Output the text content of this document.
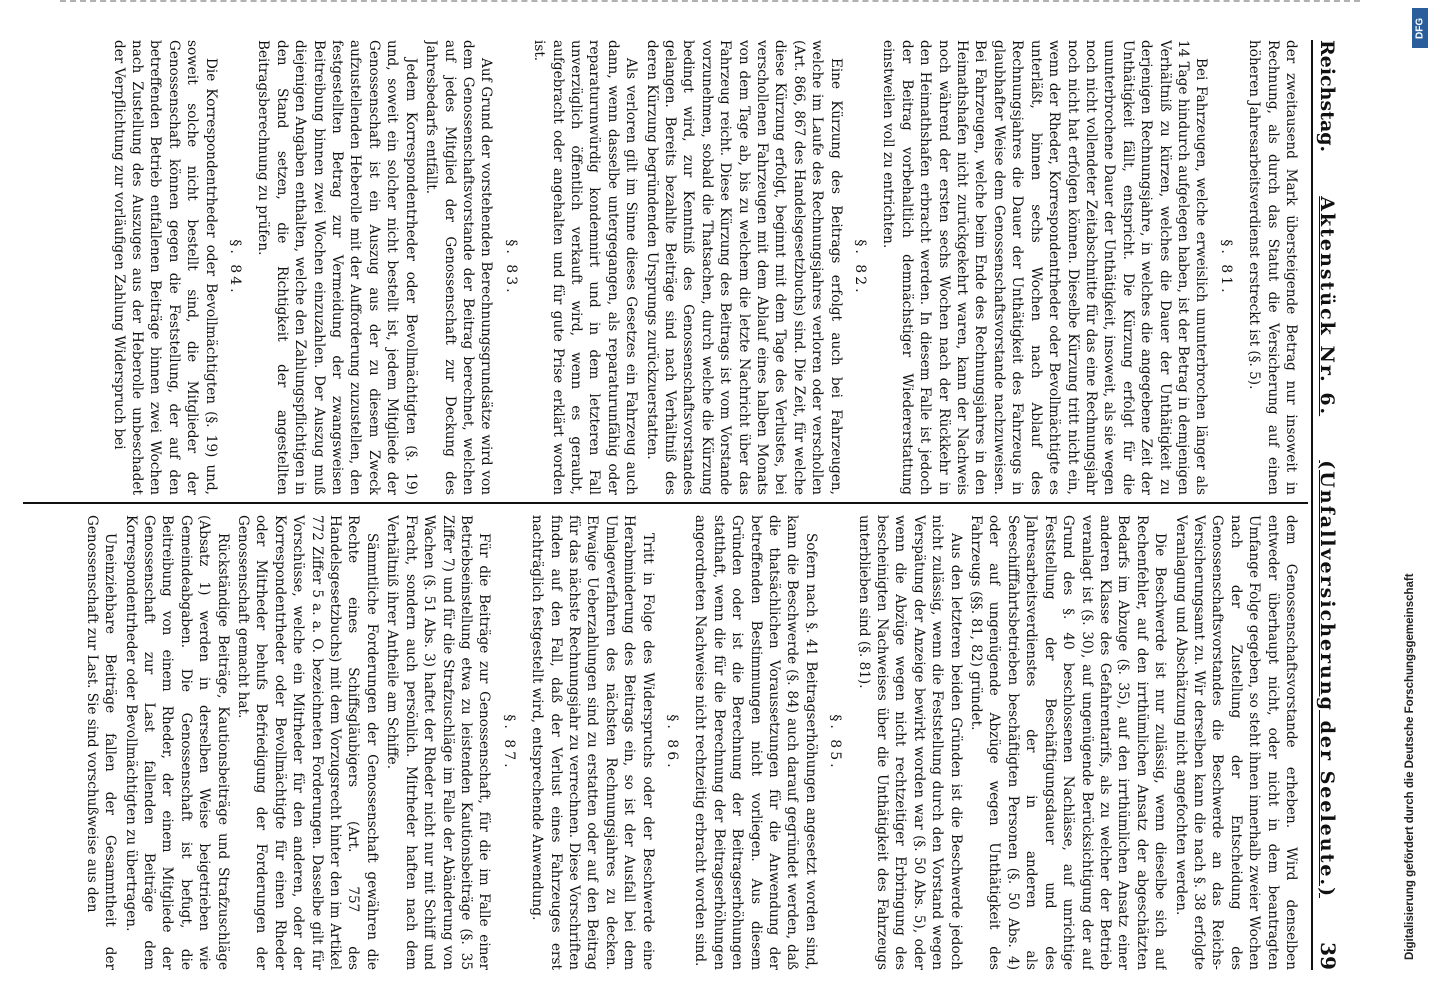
Reichstag.
Aktenstück Nr. 6.
(Unfallversicherung der Seeleute.)
39

der zweitausend Mark übersteigende Betrag nur insoweit in Rechnung, als durch das Statut die Versicherung auf einen höheren Jahresarbeitsverdienst erstreckt ist (§. 5).

§. 81.

Bei Fahrzeugen, welche erweislich ununterbrochen länger als 14 Tage hindurch aufgelegen haben, ist der Betrag in demjenigen Verhältniß zu kürzen, welches die Dauer der Unthätigkeit zu derjenigen Rechnungsjahre, in welches die angegebene Zeit der Unthätigkeit fällt, entspricht. Die Kürzung erfolgt für die ununterbrochene Dauer der Unthätigkeit, insoweit, als sie wegen noch nicht vollendeter Zeitabschnitte für das eine Rechnungsjahr noch nicht hat erfolgen können. Dieselbe Kürzung tritt nicht ein, wenn der Rheder, Korrespondentrheder oder Bevollmächtigte es unterläßt, binnen sechs Wochen nach Ablauf des Rechnungsjahres die Dauer der Unthätigkeit des Fahrzeugs in glaubhafter Weise dem Genossenschaftsvorstande nachzuweisen. Bei Fahrzeugen, welche beim Ende des Rechnungsjahres in den Heimathshafen nicht zurückgekehrt waren, kann der Nachweis noch während der ersten sechs Wochen nach der Rückkehr in den Heimathshafen erbracht werden. In diesem Falle ist jedoch der Beitrag vorbehaltlich demnächstiger Wiedererstattung einstweilen voll zu entrichten.

§. 82.

Eine Kürzung des Beitrags erfolgt auch bei Fahrzeugen, welche im Laufe des Rechnungsjahres verloren oder verschollen (Art. 866, 867 des Handelsgesetzbuchs) sind. Die Zeit, für welche diese Kürzung erfolgt, beginnt mit dem Tage des Verlustes, bei verschollenen Fahrzeugen mit dem Ablauf eines halben Monats von dem Tage ab, bis zu welchem die letzte Nachricht über das Fahrzeug reicht. Diese Kürzung des Beitrags ist vom Vorstande vorzunehmen, sobald die Thatsachen, durch welche die Kürzung bedingt wird, zur Kenntniß des Genossenschaftsvorstandes gelangen. Bereits bezahlte Beiträge sind nach Verhältniß des deren Kürzung begründenden Ursprungs zurückzuerstatten.

Als verloren gilt im Sinne dieses Gesetzes ein Fahrzeug auch dann, wenn dasselbe untergegangen, als reparaturunfähig oder reparaturunwürdig kondemnirt und in dem letzteren Fall unverzüglich öffentlich verkauft wird, wenn es geraubt, aufgebracht oder angehalten und für gute Prise erklärt worden ist.

§. 83.

Auf Grund der vorstehenden Berechnungsgrundsätze wird von dem Genossenschaftsvorstande der Beitrag berechnet, welchen auf jedes Mitglied der Genossenschaft zur Deckung des Jahresbedarfs entfällt.

Jedem Korrespondentrheder oder Bevollmächtigten (§. 19) und, soweit ein solcher nicht bestellt ist, jedem Mitgliede der Genossenschaft ist ein Auszug aus der zu diesem Zweck aufzustellenden Heberolle mit der Aufforderung zuzustellen, den festgestellten Betrag zur Vermeidung der zwangsweisen Beitreibung binnen zwei Wochen einzuzahlen. Der Auszug muß diejenigen Angaben enthalten, welche den Zahlungspflichtigen in den Stand setzen, die Richtigkeit der angestellten Beitragsberechnung zu prüfen.

§. 84.

Die Korrespondentrheder oder Bevollmächtigten (§. 19) und, soweit solche nicht bestellt sind, die Mitglieder der Genossenschaft können gegen die Feststellung, der auf den betreffenden Betrieb entfallenen Beiträge binnen zwei Wochen nach Zustellung des Auszuges aus der Heberolle unbeschadet der Verpflichtung zur vorläufigen Zahlung Widerspruch bei

dem Genossenschaftsvorstande erheben. Wird denselben entweder überhaupt nicht, oder nicht in dem beantragten Umfange Folge gegeben, so steht ihnen innerhalb zweier Wochen nach der Zustellung der Entscheidung des Genossenschaftsvorstandes die Beschwerde an das Reichs-Versicherungsamt zu. Wir derselben kann die nach §. 38 erfolgte Veranlagung und Abschätzung nicht angefochten werden.

Die Beschwerde ist nur zulässig, wenn dieselbe sich auf Rechenfehler, auf den irrthümlichen Ansatz der abgeschätzten Bedarfs im Abzuge (§. 35), auf den irrthümlichen Ansatz einer anderen Klasse des Gefahrentarifs, als zu welcher der Betrieb veranlagt ist (§. 30), auf ungenügende Berücksichtigung der auf Grund des §. 40 beschlossenen Nachlässe, auf unrichtige Feststellung der Beschäftigungsdauer und des Jahresarbeitsverdienstes der in anderen als Seeschifffahrtsbetrieben beschäftigten Personen (§. 50 Abs. 4) oder auf ungenügende Abzüge wegen Unthätigkeit des Fahrzeugs (§§. 81, 82) gründet.

Aus den letzteren beiden Gründen ist die Beschwerde jedoch nicht zulässig, wenn die Feststellung durch den Vorstand wegen Verspätung der Anzeige bewirkt worden war (§. 50 Abs. 5), oder wenn die Abzüge wegen nicht rechtzeitiger Erbringung des bescheinigten Nachweises über die Unthätigkeit des Fahrzeugs unterblieben sind (§. 81).

§. 85.

Sofern nach §. 41 Beitragserhöhungen angesetzt worden sind, kann die Beschwerde (§. 84) auch darauf gegründet werden, daß die thatsächlichen Voraussetzungen für die Anwendung der betreffenden Bestimmungen nicht vorliegen. Aus diesem Gründen oder ist die Berechnung der Beitragserhöhungen statthaft, wenn die für die Berechnung der Beitragserhöhungen angeordneten Nachweise nicht rechtzeitig erbracht worden sind.

§. 86.

Tritt in Folge des Widerspruchs oder der Beschwerde eine Herabminderung des Beitrags ein, so ist der Ausfall bei dem Umlageverfahren des nächsten Rechnungsjahres zu decken. Etwaige Ueberzahlungen sind zu erstatten oder auf den Beitrag für das nächste Rechnungsjahr zu verrechnen. Diese Vorschriften finden auf den Fall, daß der Verlust eines Fahrzeuges erst nachträglich festgestellt wird, entsprechende Anwendung.

§. 87.

Für die Beiträge zur Genossenschaft, für die im Falle einer Betriebseinstellung etwa zu leistenden Kautionsbeiträge (§. 35 Ziffer 7) und für die Strafzuschläge im Falle der Abänderung von Wachen (§. 51 Abs. 3) haftet der Rheder nicht nur mit Schiff und Fracht, sondern auch persönlich. Mitrheder haften nach dem Verhältniß ihrer Antheile am Schiffe.

Sämmtliche Forderungen der Genossenschaft gewähren die Rechte eines Schiffsgläubigers (Art. 757 des Handelsgesetzbuchs) mit dem Vorzugsrecht hinter den im Artikel 772 Ziffer 5 a. a. O. bezeichneten Forderungen. Dasselbe gilt für Vorschüsse, welche ein Mitrheder für den anderen, oder der Korrespondentrheder oder Bevollmächtigte für einen Rheder oder Mitrheder behufs Befriedigung der Forderungen der Genossenschaft gemacht hat.

Rückständige Beiträge, Kautionsbeiträge und Strafzuschläge (Absatz 1) werden in derselben Weise beigetrieben wie Gemeindeabgaben. Die Genossenschaft ist befugt, die Beitreibung von einem Rheder, der einem Mitgliede der Genossenschaft zur Last fallenden Beiträge dem Korrespondentrheder oder Bevollmächtigten zu übertragen.

Uneinziehbare Beiträge fallen der Gesammtheit der Genossenschaft zur Last. Sie sind vorschußweise aus den

DFG
Digitalisierung gefördert durch die Deutsche Forschungsgemeinschaft
